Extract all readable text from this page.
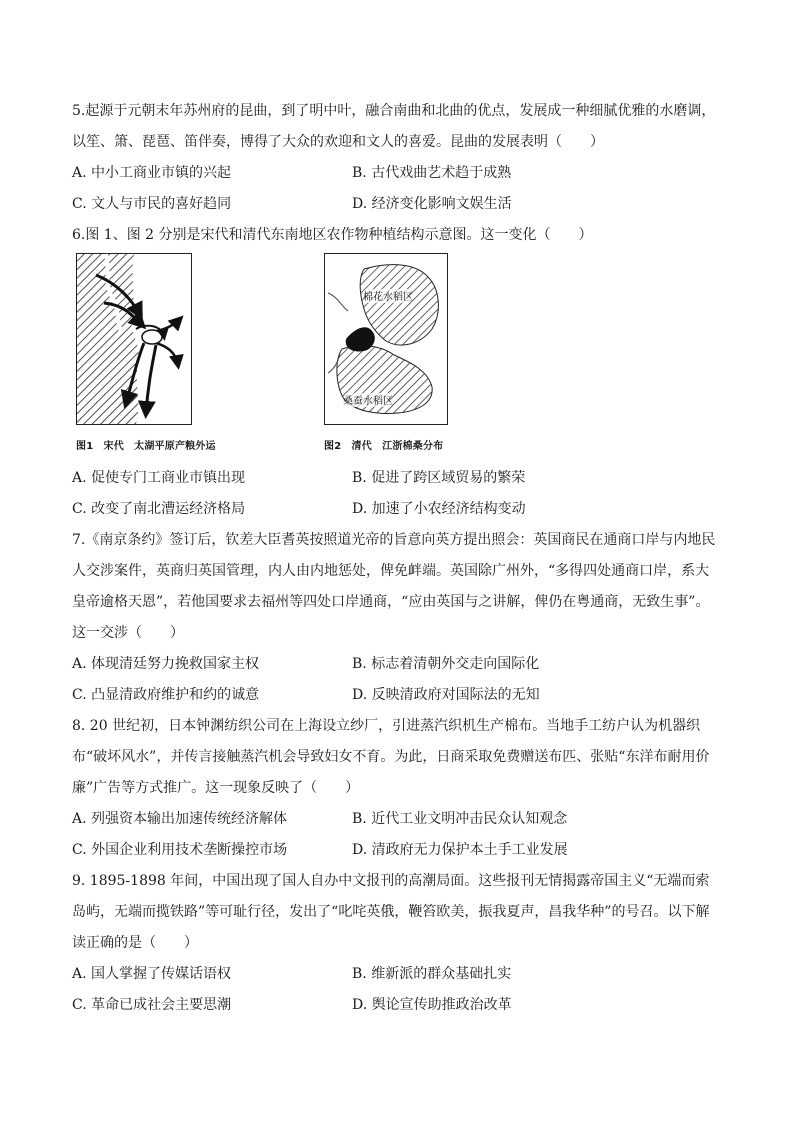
5.起源于元朝末年苏州府的昆曲，到了明中叶，融合南曲和北曲的优点，发展成一种细腻优雅的水磨调，以笙、箫、琵琶、笛伴奏，博得了大众的欢迎和文人的喜爱。昆曲的发展表明（　　）

A. 中小工商业市镇的兴起	B. 古代戏曲艺术趋于成熟
C. 文人与市民的喜好趋同	D. 经济变化影响文娱生活

6.图 1、图 2 分别是宋代和清代东南地区农作物种植结构示意图。这一变化（　　）

图1　宋代　太湖平原产粮外运
棉花水稻区
桑蚕水稻区
图2　清代　江浙棉桑分布
A. 促使专门工商业市镇出现	B. 促进了跨区域贸易的繁荣
C. 改变了南北漕运经济格局	D. 加速了小农经济结构变动

7.《南京条约》签订后，钦差大臣耆英按照道光帝的旨意向英方提出照会：英国商民在通商口岸与内地民人交涉案件，英商归英国管理，内人由内地惩处，俾免衅端。英国除广州外，“多得四处通商口岸，系大皇帝逾格天恩”，若他国要求去福州等四处口岸通商，“应由英国与之讲解，俾仍在粤通商，无致生事”。这一交涉（　　）

A. 体现清廷努力挽救国家主权	B. 标志着清朝外交走向国际化
C. 凸显清政府维护和约的诚意	D. 反映清政府对国际法的无知

8. 20 世纪初，日本钟渊纺织公司在上海设立纱厂，引进蒸汽织机生产棉布。当地手工纺户认为机器织布“破坏风水”，并传言接触蒸汽机会导致妇女不育。为此，日商采取免费赠送布匹、张贴“东洋布耐用价廉”广告等方式推广。这一现象反映了（　　）

A. 列强资本输出加速传统经济解体	B. 近代工业文明冲击民众认知观念
C. 外国企业利用技术垄断操控市场	D. 清政府无力保护本土手工业发展

9. 1895-1898 年间，中国出现了国人自办中文报刊的高潮局面。这些报刊无情揭露帝国主义“无端而索岛屿，无端而揽铁路”等可耻行径，发出了“叱咤英俄，鞭笞欧美，振我夏声，昌我华种”的号召。以下解读正确的是（　　）

A. 国人掌握了传媒话语权	B. 维新派的群众基础扎实
C. 革命已成社会主要思潮	D. 舆论宣传助推政治改革
